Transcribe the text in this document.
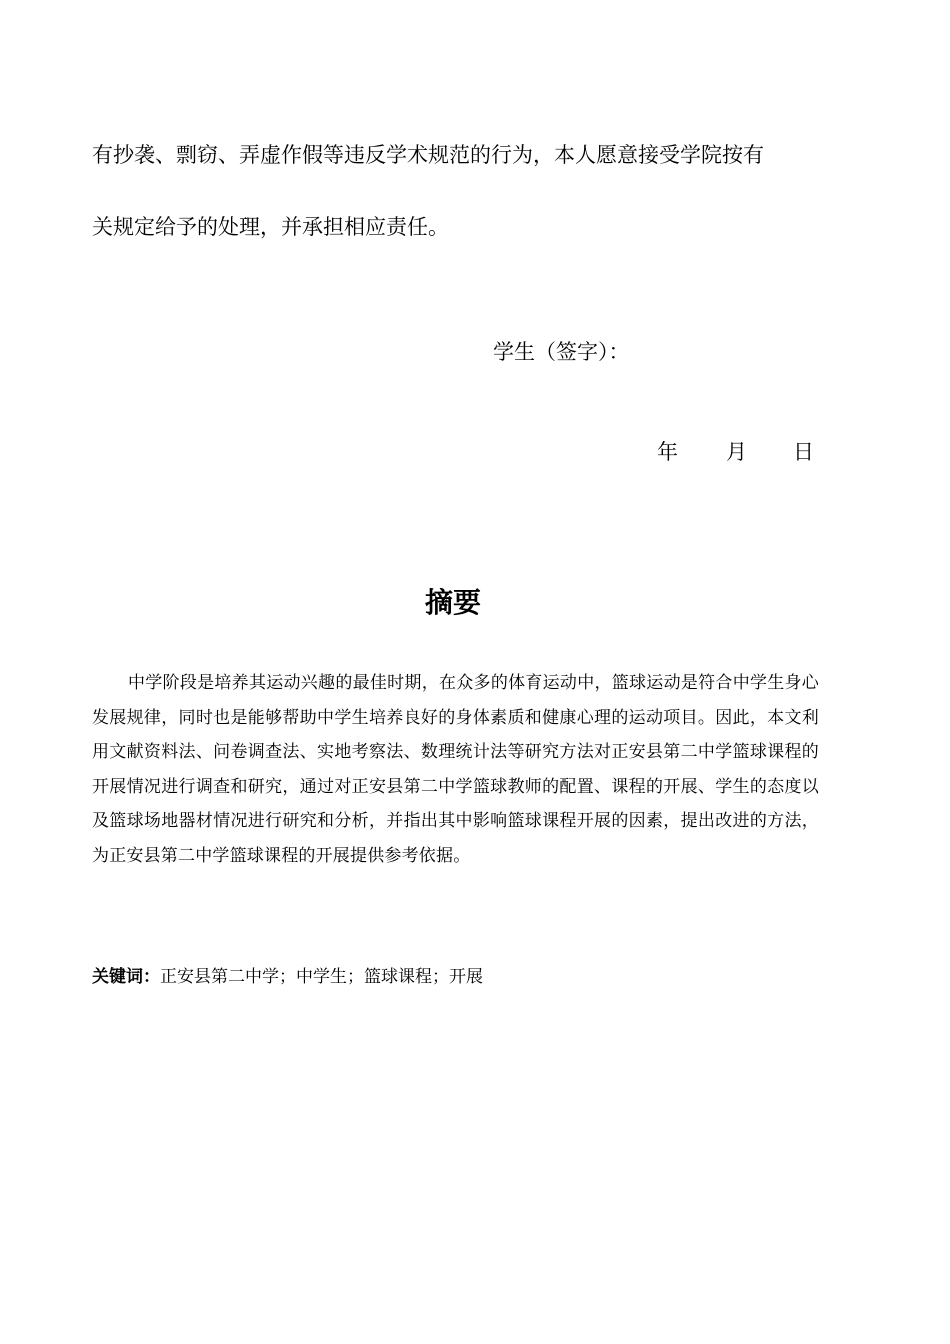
有抄袭、剽窃、弄虚作假等违反学术规范的行为，本人愿意接受学院按有
关规定给予的处理，并承担相应责任。
学生（签字）：
年 月 日
摘要
中学阶段是培养其运动兴趣的最佳时期，在众多的体育运动中，篮球运动是符合中学生身心发展规律，同时也是能够帮助中学生培养良好的身体素质和健康心理的运动项目。因此，本文利用文献资料法、问卷调查法、实地考察法、数理统计法等研究方法对正安县第二中学篮球课程的开展情况进行调查和研究，通过对正安县第二中学篮球教师的配置、课程的开展、学生的态度以及篮球场地器材情况进行研究和分析，并指出其中影响篮球课程开展的因素，提出改进的方法，为正安县第二中学篮球课程的开展提供参考依据。
关键词：正安县第二中学；中学生；篮球课程；开展
